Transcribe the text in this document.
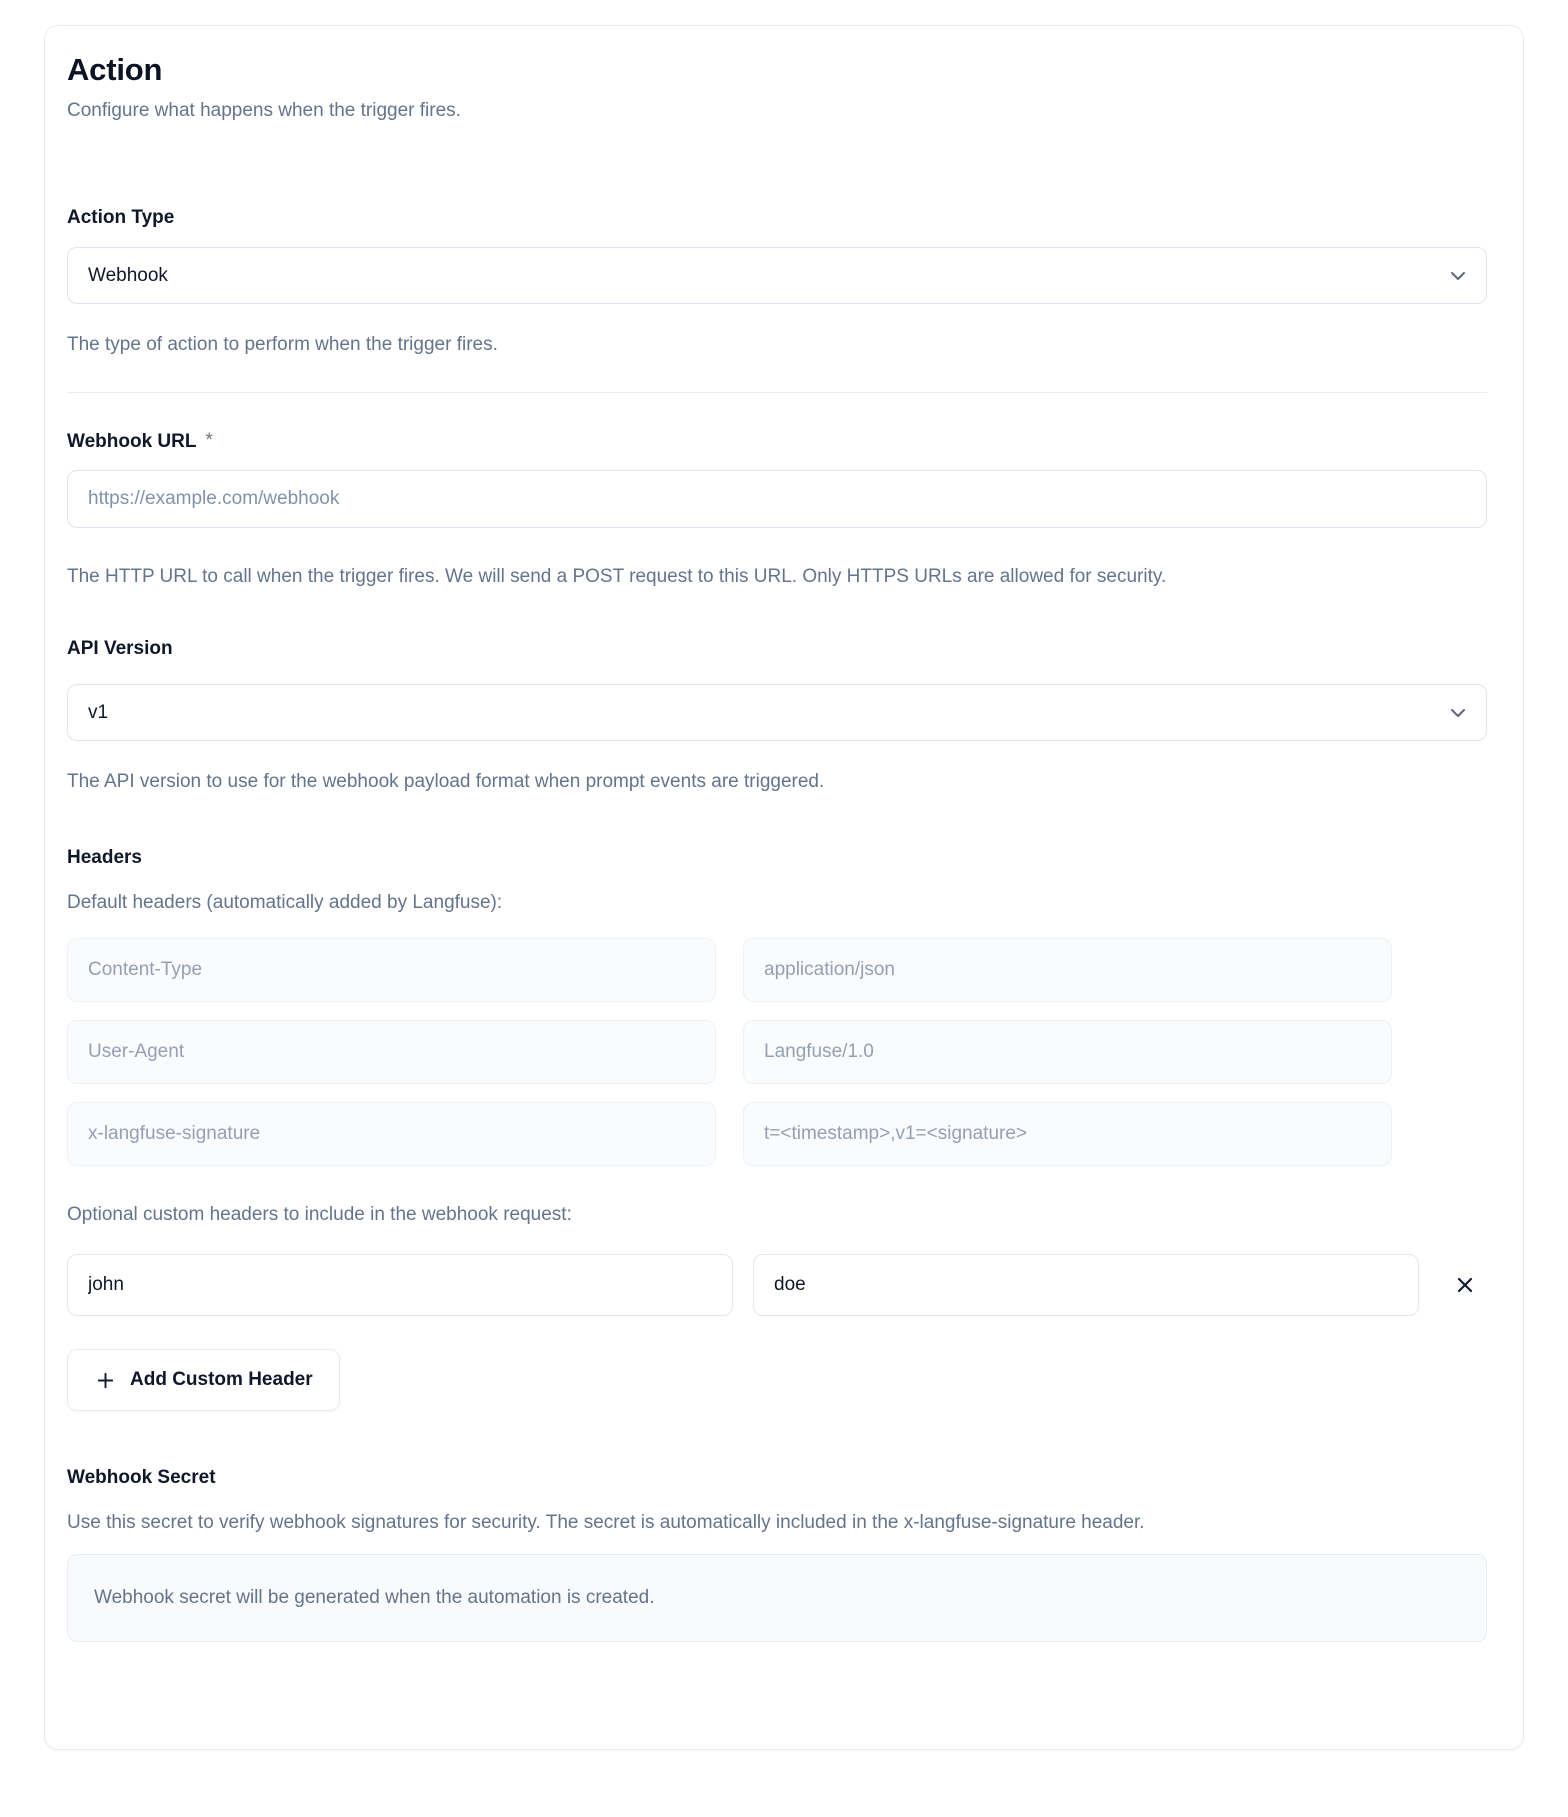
Action
Configure what happens when the trigger fires.
Action Type
Webhook
The type of action to perform when the trigger fires.
Webhook URL *
https://example.com/webhook
The HTTP URL to call when the trigger fires. We will send a POST request to this URL. Only HTTPS URLs are allowed for security.
API Version
v1
The API version to use for the webhook payload format when prompt events are triggered.
Headers
Default headers (automatically added by Langfuse):
Content-Type
application/json
User-Agent
Langfuse/1.0
x-langfuse-signature
t=<timestamp>,v1=<signature>
Optional custom headers to include in the webhook request:
john
doe
Add Custom Header
Webhook Secret
Use this secret to verify webhook signatures for security. The secret is automatically included in the x-langfuse-signature header.
Webhook secret will be generated when the automation is created.
